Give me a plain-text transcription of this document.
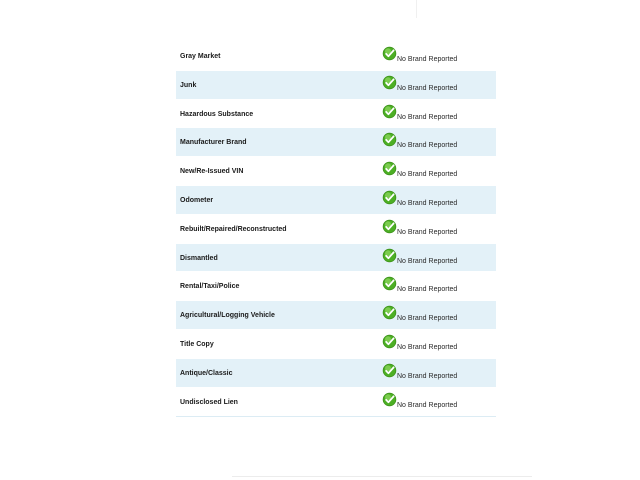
Gray Market	No Brand Reported
Junk	No Brand Reported
Hazardous Substance	No Brand Reported
Manufacturer Brand	No Brand Reported
New/Re-Issued VIN	No Brand Reported
Odometer	No Brand Reported
Rebuilt/Repaired/Reconstructed	No Brand Reported
Dismantled	No Brand Reported
Rental/Taxi/Police	No Brand Reported
Agricultural/Logging Vehicle	No Brand Reported
Title Copy	No Brand Reported
Antique/Classic	No Brand Reported
Undisclosed Lien	No Brand Reported
